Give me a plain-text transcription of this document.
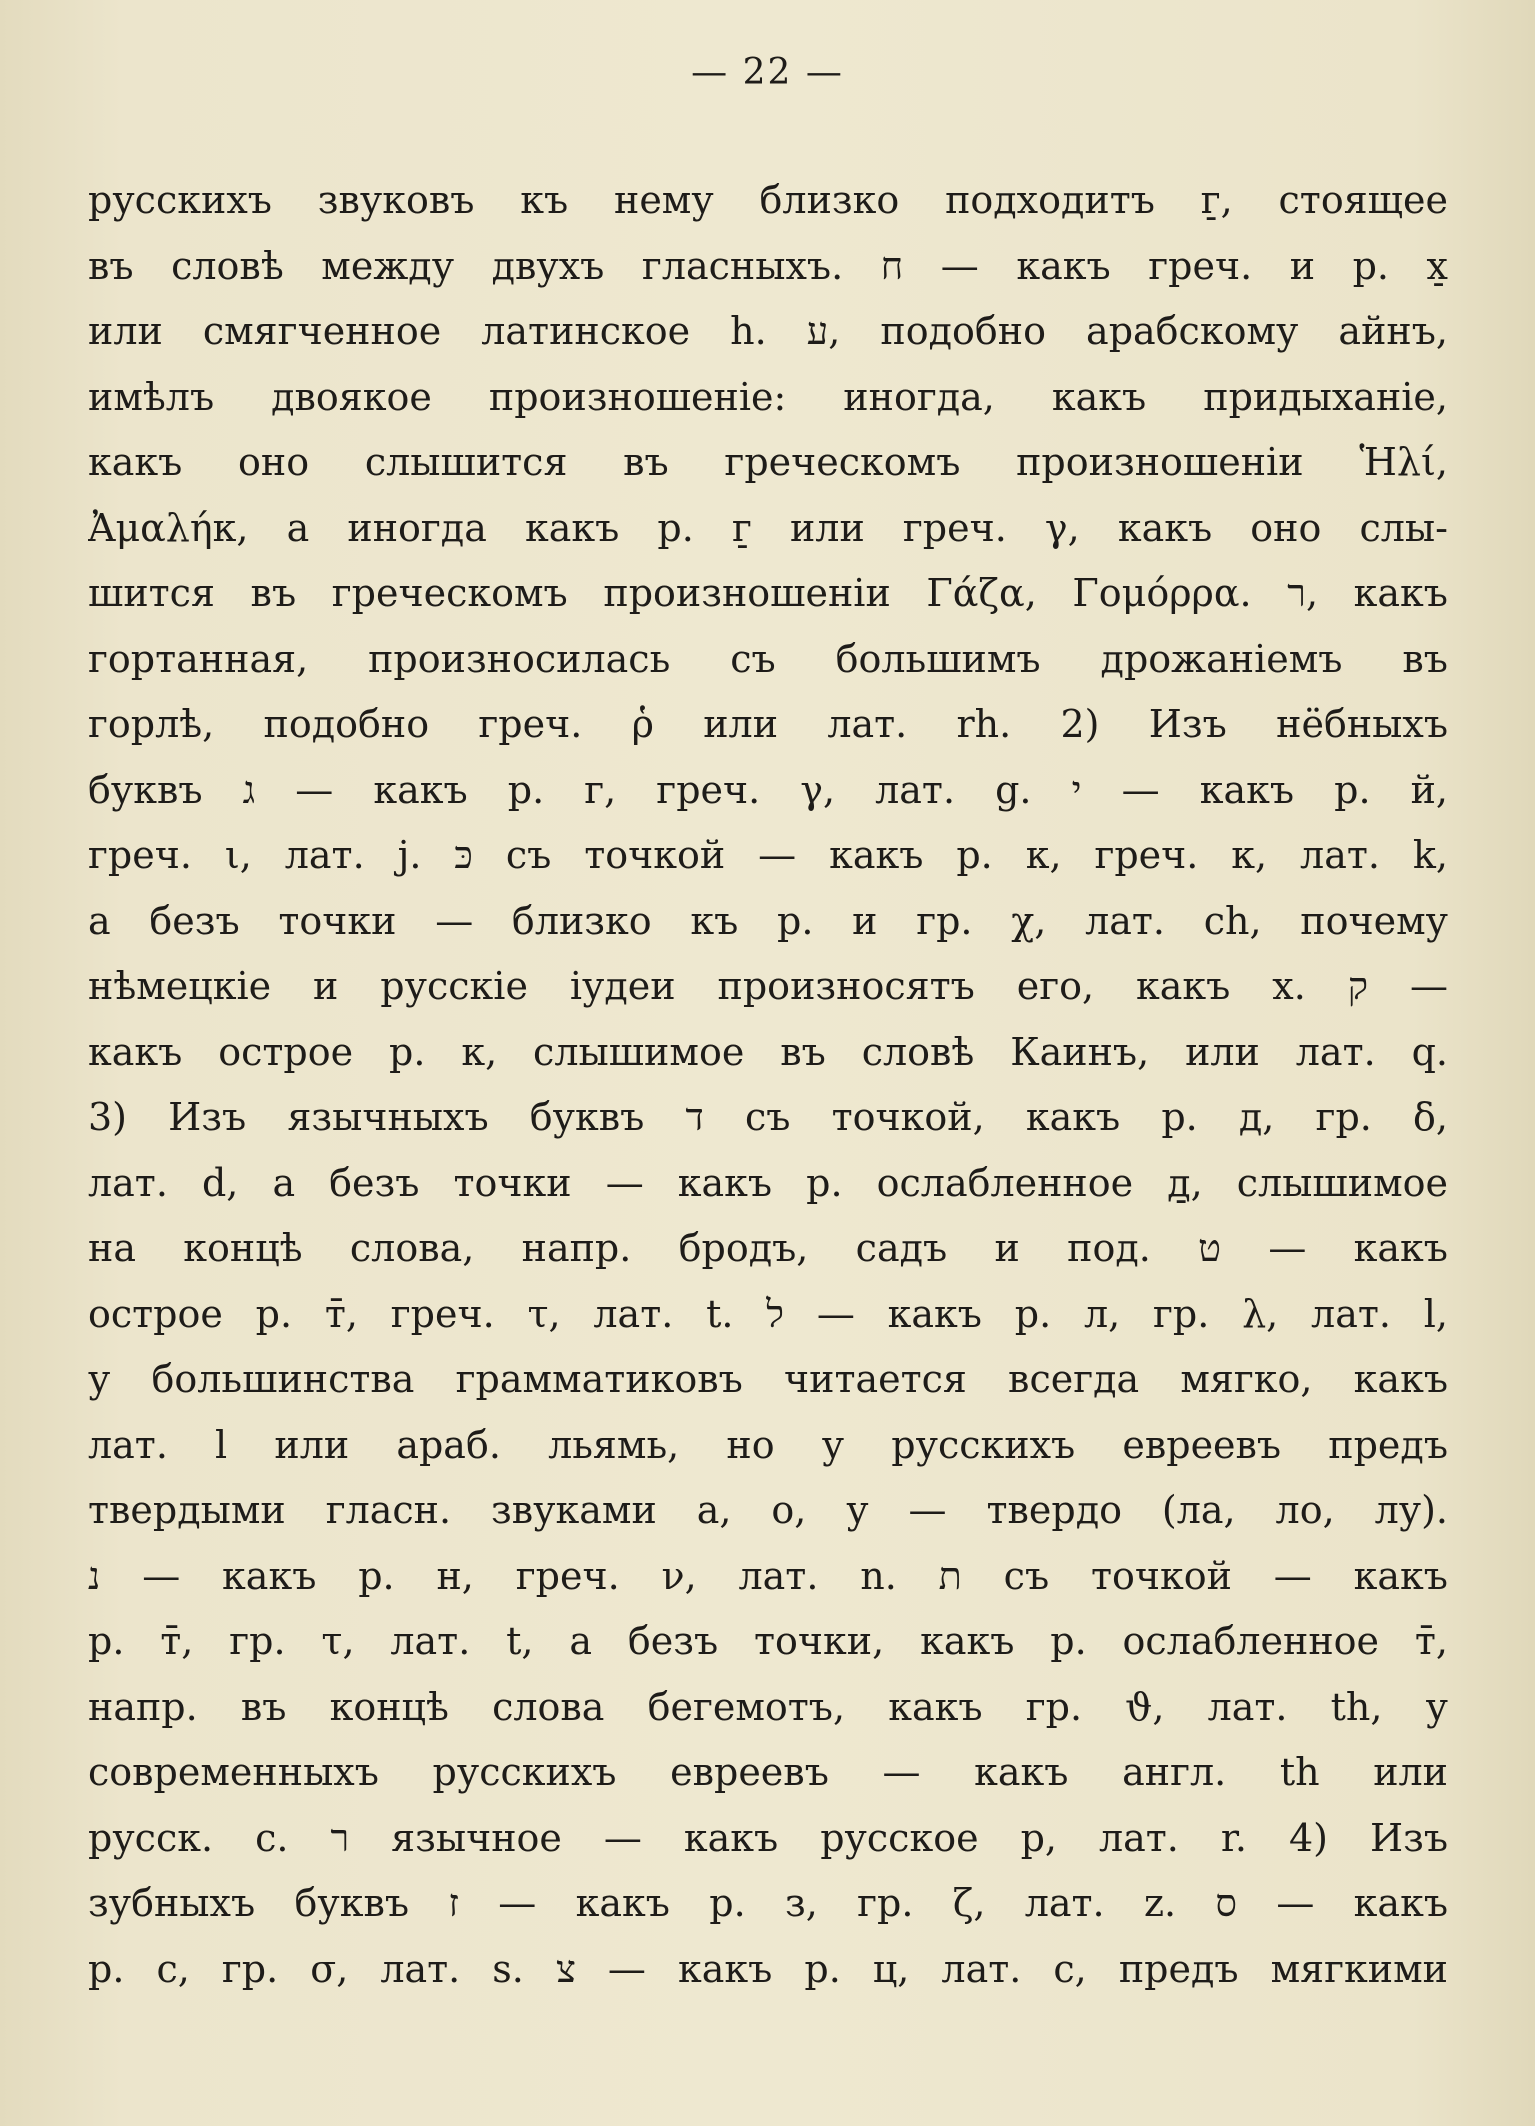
— 22 —
русскихъ звуковъ къ нему близко подходитъ г̠, стоящее
въ словѣ между двухъ гласныхъ. ח — какъ греч. и р. х̠
или смягченное латинское h. ע, подобно арабскому айнъ,
имѣлъ двоякое произношеніе: иногда, какъ придыханіе,
какъ оно слышится въ греческомъ произношеніи Ἡλί,
Ἀμαλήκ, а иногда какъ р. г̠ или греч. γ, какъ оно слы-
шится въ греческомъ произношеніи Γάζα, Γομόρρα. ר, какъ
гортанная, произносилась съ большимъ дрожаніемъ въ
горлѣ, подобно греч. ῥ или лат. rh. 2) Изъ нёбныхъ
буквъ ג — какъ р. г, греч. γ, лат. g. י — какъ р. й,
греч. ι, лат. j. כּ съ точкой — какъ р. к, греч. κ, лат. k,
а безъ точки — близко къ р. и гр. χ, лат. ch, почему
нѣмецкіе и русскіе іудеи произносятъ его, какъ х. ק —
какъ острое р. к, слышимое въ словѣ Каинъ, или лат. q.
3) Изъ язычныхъ буквъ ד съ точкой, какъ р. д, гр. δ,
лат. d, а безъ точки — какъ р. ослабленное д̠, слышимое
на концѣ слова, напр. бродъ, садъ и под. ט — какъ
острое р. т̄, греч. τ, лат. t. ל — какъ р. л, гр. λ, лат. l,
у большинства грамматиковъ читается всегда мягко, какъ
лат. l или араб. льямь, но у русскихъ евреевъ предъ
твердыми гласн. звуками а, о, у — твердо (ла, ло, лу).
נ — какъ р. н, греч. ν, лат. n. ת съ точкой — какъ
р. т̄, гр. τ, лат. t, а безъ точки, какъ р. ослабленное т̄,
напр. въ концѣ слова бегемотъ, какъ гр. ϑ, лат. th, у
современныхъ русскихъ евреевъ — какъ англ. th или
русск. с. ר язычное — какъ русское р, лат. r. 4) Изъ
зубныхъ буквъ ז — какъ р. з, гр. ζ, лат. z. ס — какъ
р. с, гр. σ, лат. s. צ — какъ р. ц, лат. c, предъ мягкими
